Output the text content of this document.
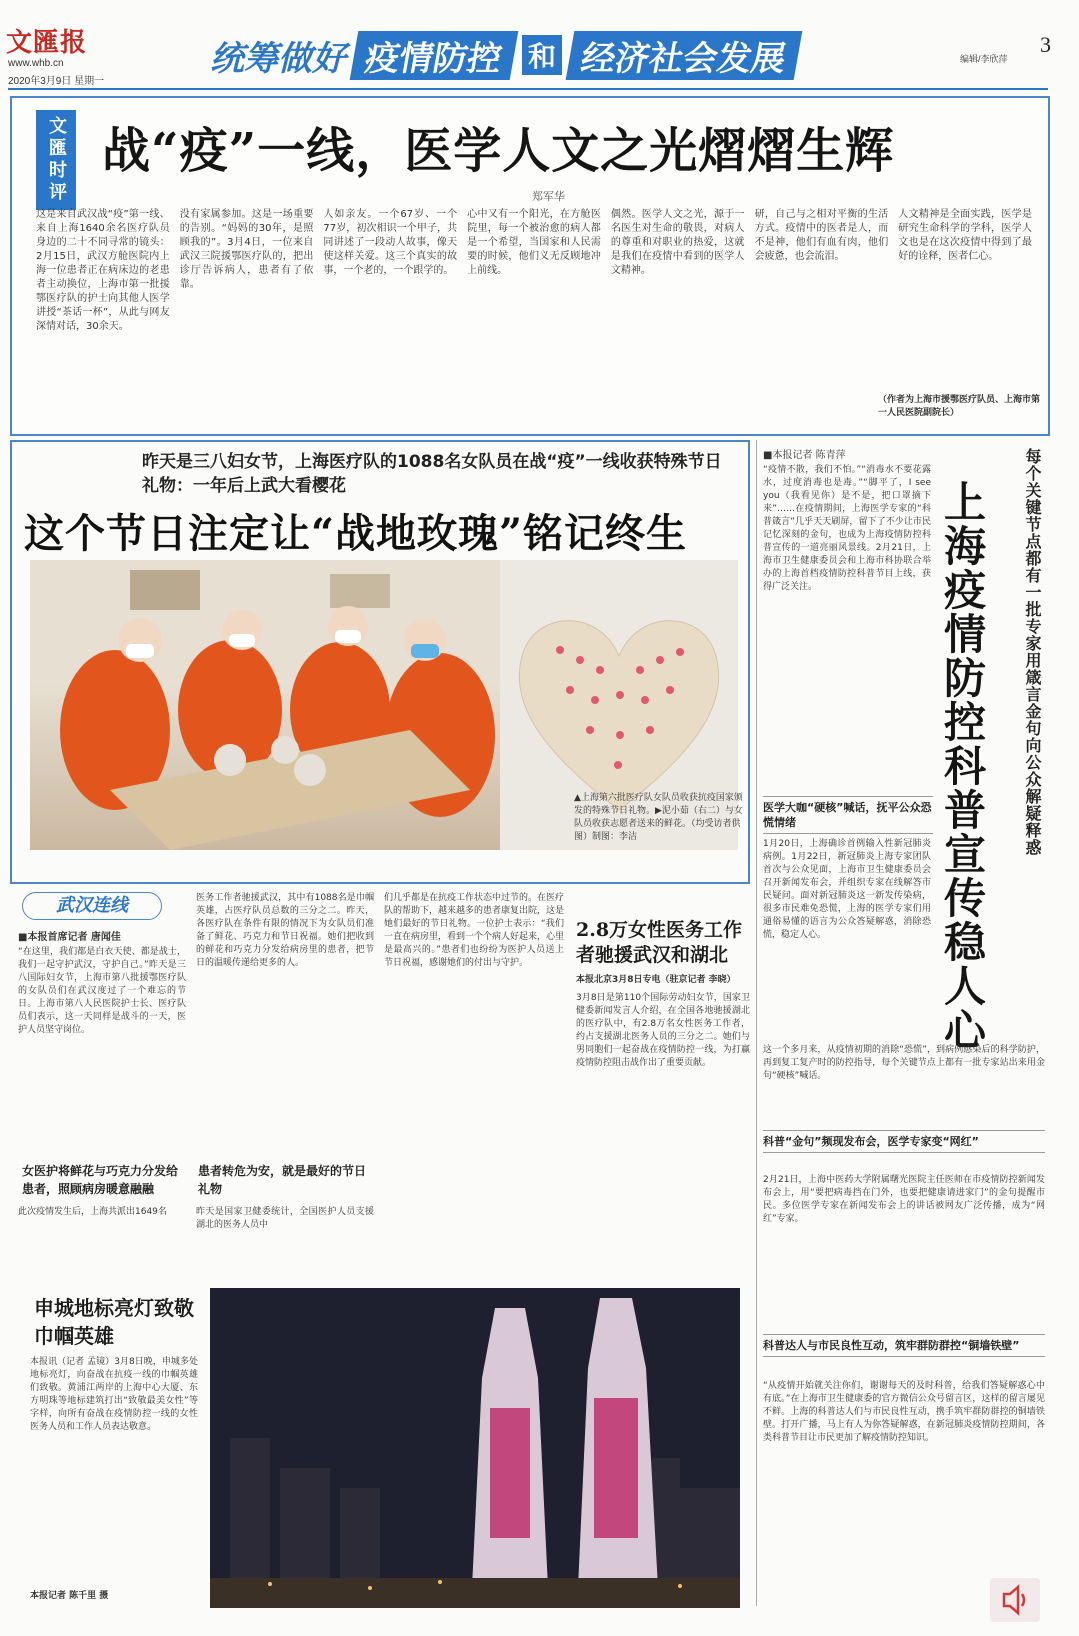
文匯报
www.whb.cn
2020年3月9日 星期一
统筹做好 疫情防控 和 经济社会发展	编辑/李欣萍
3
文匯时评 战“疫”一线，医学人文之光熠熠生辉
郑军华
这是来自武汉战“疫”第一线、来自上海1640余名医疗队员身边的二十不同寻常的镜头：2月15日，武汉方舱医院内上海一位患者正在病床边的老患者主动换位，上海市第一批援鄂医疗队的护士向其他人医学讲授“茶话一杯”，从此与网友深情对话，30余天。
没有家属参加。这是一场重要的告别。“妈妈的30年，是照顾我的”。3月4日，一位来自武汉三院援鄂医疗队的，把出诊厅告诉病人，患者有了依靠。
人如亲友。一个67岁、一个77岁，初次相识一个甲子，共同讲述了一段动人故事，像天使这样关爱。这三个真实的故事，一个老的，一个跟学的。
心中又有一个阳光，在方舱医院里，每一个被治愈的病人都是一个希望，当国家和人民需要的时候，他们义无反顾地冲上前线。
偶然。医学人文之光，源于一名医生对生命的敬畏，对病人的尊重和对职业的热爱，这就是我们在疫情中看到的医学人文精神。
研，自己与之相对平衡的生活方式。疫情中的医者是人，而不是神，他们有血有肉，他们会疲惫，也会流泪。
人文精神是全面实践，医学是研究生命科学的学科，医学人文也是在这次疫情中得到了最好的诠释，医者仁心。
（作者为上海市援鄂医疗队员、上海市第一人民医院副院长）
昨天是三八妇女节，上海医疗队的1088名女队员在战“疫”一线收获特殊节日礼物：一年后上武大看樱花
这个节日注定让“战地玫瑰”铭记终生
▲上海第六批医疗队女队员收获抗疫国家颁发的特殊节日礼物。▶泥小茹（右二）与女队员收获志愿者送来的鲜花。（均受访者供图）制图：李洁
武汉连线
■本报首席记者 唐闻佳
“在这里，我们都是白衣天使、都是战士，我们一起守护武汉，守护自己。”昨天是三八国际妇女节，上海市第八批援鄂医疗队的女队员们在武汉度过了一个难忘的节日。上海市第八人民医院护士长、医疗队员们表示，这一天同样是战斗的一天，医护人员坚守岗位。
女医护将鲜花与巧克力分发给患者，照顾病房暖意融融
此次疫情发生后，上海共派出1649名
医务工作者驰援武汉，其中有1088名是巾帼英雄，占医疗队员总数的三分之二。昨天，各医疗队在条件有限的情况下为女队员们准备了鲜花、巧克力和节日祝福。她们把收到的鲜花和巧克力分发给病房里的患者，把节日的温暖传递给更多的人。
患者转危为安，就是最好的节日礼物
昨天是国家卫健委统计，全国医护人员支援湖北的医务人员中
们几乎都是在抗疫工作状态中过节的。在医疗队的帮助下，越来越多的患者康复出院，这是她们最好的节日礼物。一位护士表示：“我们一直在病房里，看到一个个病人好起来，心里是最高兴的。”患者们也纷纷为医护人员送上节日祝福，感谢她们的付出与守护。
2.8万女性医务工作者驰援武汉和湖北
本报北京3月8日专电（驻京记者 李晓）
3月8日是第110个国际劳动妇女节，国家卫健委新闻发言人介绍，在全国各地驰援湖北的医疗队中，有2.8万名女性医务工作者，约占支援湖北医务人员的三分之二。她们与男同胞们一起奋战在疫情防控一线，为打赢疫情防控阻击战作出了重要贡献。
申城地标亮灯致敬巾帼英雄
本报讯（记者 孟镜）3月8日晚，申城多处地标亮灯，向奋战在抗疫一线的巾帼英雄们致敬。黄浦江两岸的上海中心大厦、东方明珠等地标建筑打出“致敬最美女性”等字样，向所有奋战在疫情防控一线的女性医务人员和工作人员表达敬意。
本报记者 陈千里 摄
■本报记者 陈青萍	每个关键节点都有一批专家用箴言金句向公众解疑释惑
上海疫情防控科普宣传稳人心
“疫情不散，我们不怕。”“消毒水不要花露水，过度消毒也是毒。”“脚平了，I see you（我看见你）是不是，把口罩摘下来”……在疫情期间，上海医学专家的“科普箴言”几乎天天刷屏，留下了不少让市民记忆深刻的金句，也成为上海疫情防控科普宣传的一道亮丽风景线。2月21日，上海市卫生健康委员会和上海市科协联合举办的上海首档疫情防控科普节目上线，获得广泛关注。
医学大咖“硬核”喊话，抚平公众恐慌情绪
1月20日，上海确诊首例输入性新冠肺炎病例。1月22日，新冠肺炎上海专家团队首次与公众见面，上海市卫生健康委员会召开新闻发布会，并组织专家在线解答市民疑问。面对新冠肺炎这一新发传染病，很多市民难免恐慌，上海的医学专家们用通俗易懂的语言为公众答疑解惑，消除恐慌，稳定人心。
这一个多月来，从疫情初期的消除“恐慌”，到病例感染后的科学防护，再到复工复产时的防控指导，每个关键节点上都有一批专家站出来用金句“硬核”喊话。
科普“金句”频现发布会，医学专家变“网红”
2月21日，上海中医药大学附属曙光医院主任医师在市疫情防控新闻发布会上，用“要把病毒挡在门外，也要把健康请进家门”的金句提醒市民。多位医学专家在新闻发布会上的讲话被网友广泛传播，成为“网红”专家。
科普达人与市民良性互动，筑牢群防群控“铜墙铁壁”
“从疫情开始就关注你们，谢谢每天的及时科普，给我们答疑解惑心中有底。”在上海市卫生健康委的官方微信公众号留言区，这样的留言屡见不鲜。上海的科普达人们与市民良性互动，携手筑牢群防群控的铜墙铁壁。打开广播，马上有人为你答疑解惑，在新冠肺炎疫情防控期间，各类科普节目让市民更加了解疫情防控知识。
